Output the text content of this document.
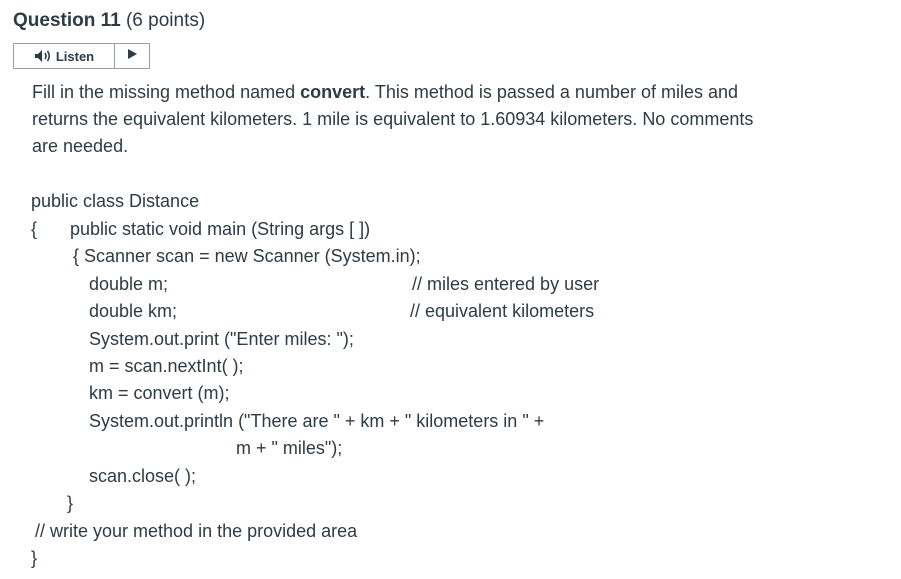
Question 11 (6 points)
Listen
Fill in the missing method named convert. This method is passed a number of miles and returns the equivalent kilometers. 1 mile is equivalent to 1.60934 kilometers. No comments are needed.
public class Distance
{ public static void main (String args [ ])
{ Scanner scan = new Scanner (System.in);
double m;	// miles entered by user
double km;	// equivalent kilometers
System.out.print ("Enter miles: ");
m = scan.nextInt( );
km = convert (m);
System.out.println ("There are " + km + " kilometers in " +
m + " miles");
scan.close( );
}
// write your method in the provided area
}
